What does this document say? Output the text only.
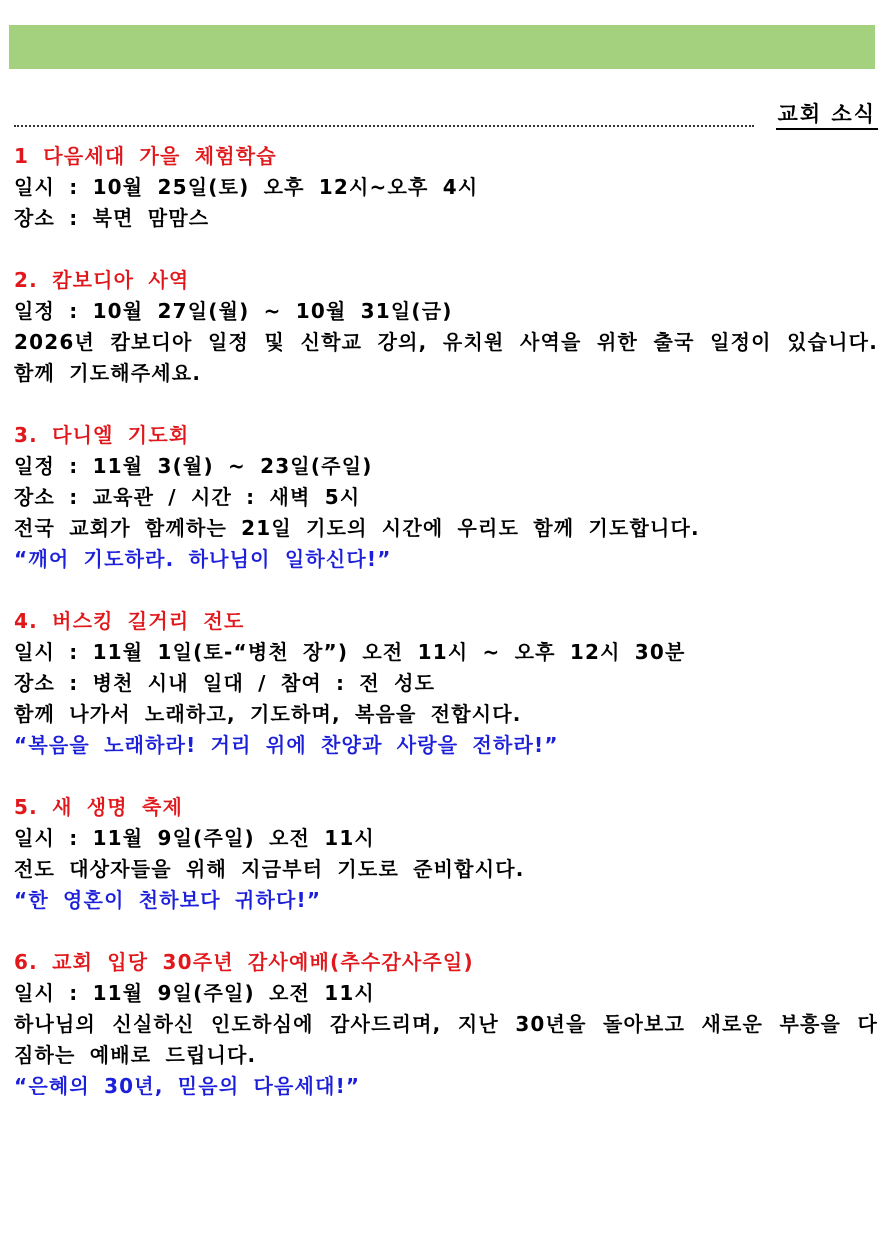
교회 소식
1 다음세대 가을 체험학습
일시 : 10월 25일(토) 오후 12시~오후 4시
장소 : 북면 맘맘스
2. 캄보디아 사역
일정 : 10월 27일(월) ~ 10월 31일(금)
2026년 캄보디아 일정 및 신학교 강의, 유치원 사역을 위한 출국 일정이 있습니다. 함께 기도해주세요.
3. 다니엘 기도회
일정 : 11월 3(월) ~ 23일(주일)
장소 : 교육관 / 시간 : 새벽 5시
전국 교회가 함께하는 21일 기도의 시간에 우리도 함께 기도합니다.
“깨어 기도하라. 하나님이 일하신다!”
4. 버스킹 길거리 전도
일시 : 11월 1일(토-“병천 장”) 오전 11시 ~ 오후 12시 30분
장소 : 병천 시내 일대 / 참여 : 전 성도
함께 나가서 노래하고, 기도하며, 복음을 전합시다.
“복음을 노래하라! 거리 위에 찬양과 사랑을 전하라!”
5. 새 생명 축제
일시 : 11월 9일(주일) 오전 11시
전도 대상자들을 위해 지금부터 기도로 준비합시다.
“한 영혼이 천하보다 귀하다!”
6. 교회 입당 30주년 감사예배(추수감사주일)
일시 : 11월 9일(주일) 오전 11시
하나님의 신실하신 인도하심에 감사드리며, 지난 30년을 돌아보고 새로운 부흥을 다짐하는 예배로 드립니다.
“은혜의 30년, 믿음의 다음세대!”
